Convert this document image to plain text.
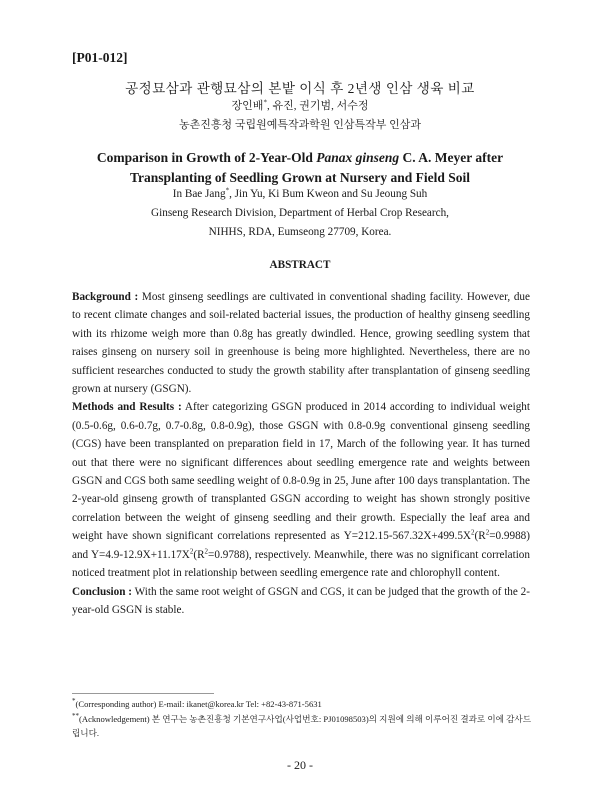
[P01-012]
공정묘삼과 관행묘삼의 본밭 이식 후 2년생 인삼 생육 비교
장인배*, 유진, 권기범, 서수정
농촌진흥청 국립원예특작과학원 인삼특작부 인삼과
Comparison in Growth of 2-Year-Old Panax ginseng C. A. Meyer after
Transplanting of Seedling Grown at Nursery and Field Soil
In Bae Jang*, Jin Yu, Ki Bum Kweon and Su Jeoung Suh
Ginseng Research Division, Department of Herbal Crop Research,
NIHHS, RDA, Eumseong 27709, Korea.
ABSTRACT

Background : Most ginseng seedlings are cultivated in conventional shading facility. However, due to recent climate changes and soil-related bacterial issues, the production of healthy ginseng seedling with its rhizome weigh more than 0.8g has greatly dwindled. Hence, growing seedling system that raises ginseng on nursery soil in greenhouse is being more highlighted. Nevertheless, there are no sufficient researches conducted to study the growth stability after transplantation of ginseng seedling grown at nursery (GSGN).

Methods and Results : After categorizing GSGN produced in 2014 according to individual weight (0.5-0.6g, 0.6-0.7g, 0.7-0.8g, 0.8-0.9g), those GSGN with 0.8-0.9g conventional ginseng seedling (CGS) have been transplanted on preparation field in 17, March of the following year. It has turned out that there were no significant differences about seedling emergence rate and weights between GSGN and CGS both same seedling weight of 0.8-0.9g in 25, June after 100 days transplantation. The 2-year-old ginseng growth of transplanted GSGN according to weight has shown strongly positive correlation between the weight of ginseng seedling and their growth. Especially the leaf area and weight have shown significant correlations represented as $Y=212.15-567.32X+499.5X^2(R^2=0.9988)$ and $Y=4.9-12.9X+11.17X^2(R^2=0.9788)$, respectively. Meanwhile, there was no significant correlation noticed treatment plot in relationship between seedling emergence rate and chlorophyll content.

Conclusion : With the same root weight of GSGN and CGS, it can be judged that the growth of the 2-year-old GSGN is stable.

*(Corresponding author) E-mail: ikanet@korea.kr Tel: +82-43-871-5631

**(Acknowledgement) 본 연구는 농촌진흥청 기본연구사업(사업번호: PJ01098503)의 지원에 의해 이루어진 결과로 이에 감사드립니다.

- 20 -
